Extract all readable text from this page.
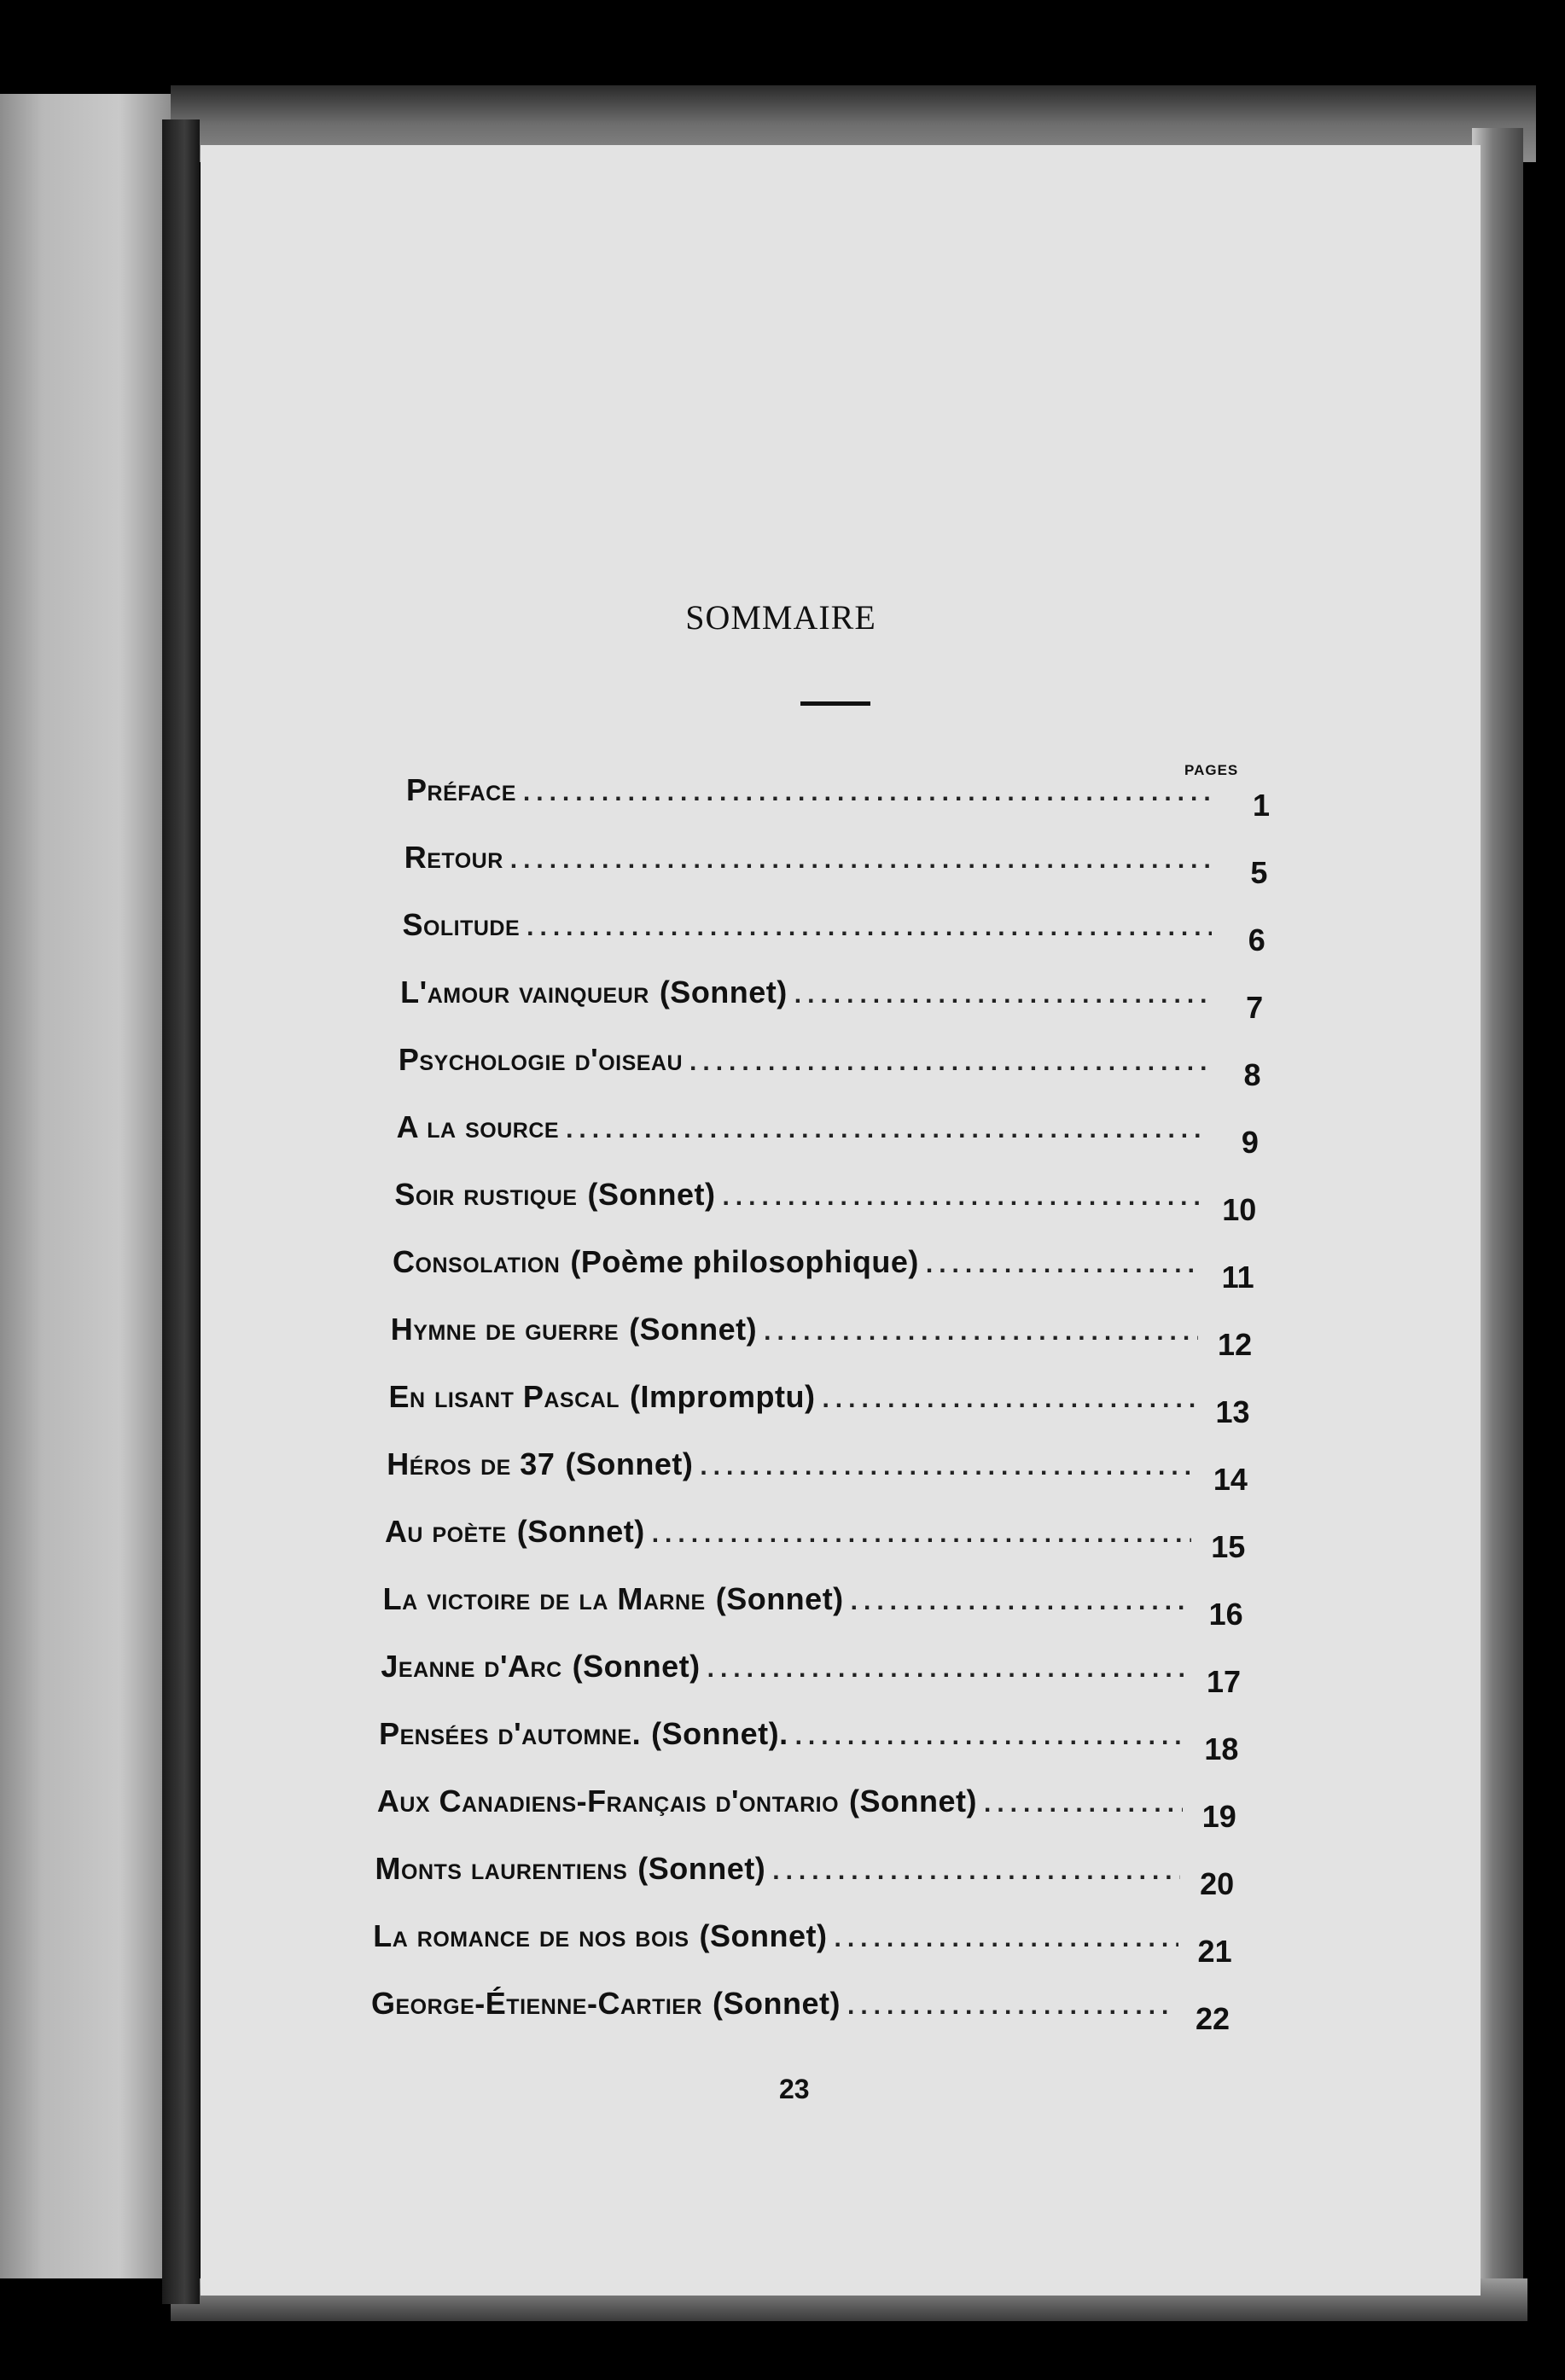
SOMMAIRE
PAGES
Préface .....	1
Retour .....	5
Solitude .....	6
L'amour vainqueur (Sonnet) .....	7
Psychologie d'oiseau .....	8
A la source .....	9
Soir rustique (Sonnet) .....	10
Consolation (Poème philosophique) .....	11
Hymne de guerre (Sonnet) .....	12
En lisant Pascal (Impromptu) .....	13
Héros de 37 (Sonnet) .....	14
Au poète (Sonnet) .....	15
La victoire de la Marne (Sonnet) .....	16
Jeanne d'Arc (Sonnet) .....	17
Pensées d'automne. (Sonnet). .....	18
Aux Canadiens-Français d'ontario (Sonnet) .....	19
Monts laurentiens (Sonnet) .....	20
La romance de nos bois (Sonnet) .....	21
George-Étienne-Cartier (Sonnet) .....	22
23
